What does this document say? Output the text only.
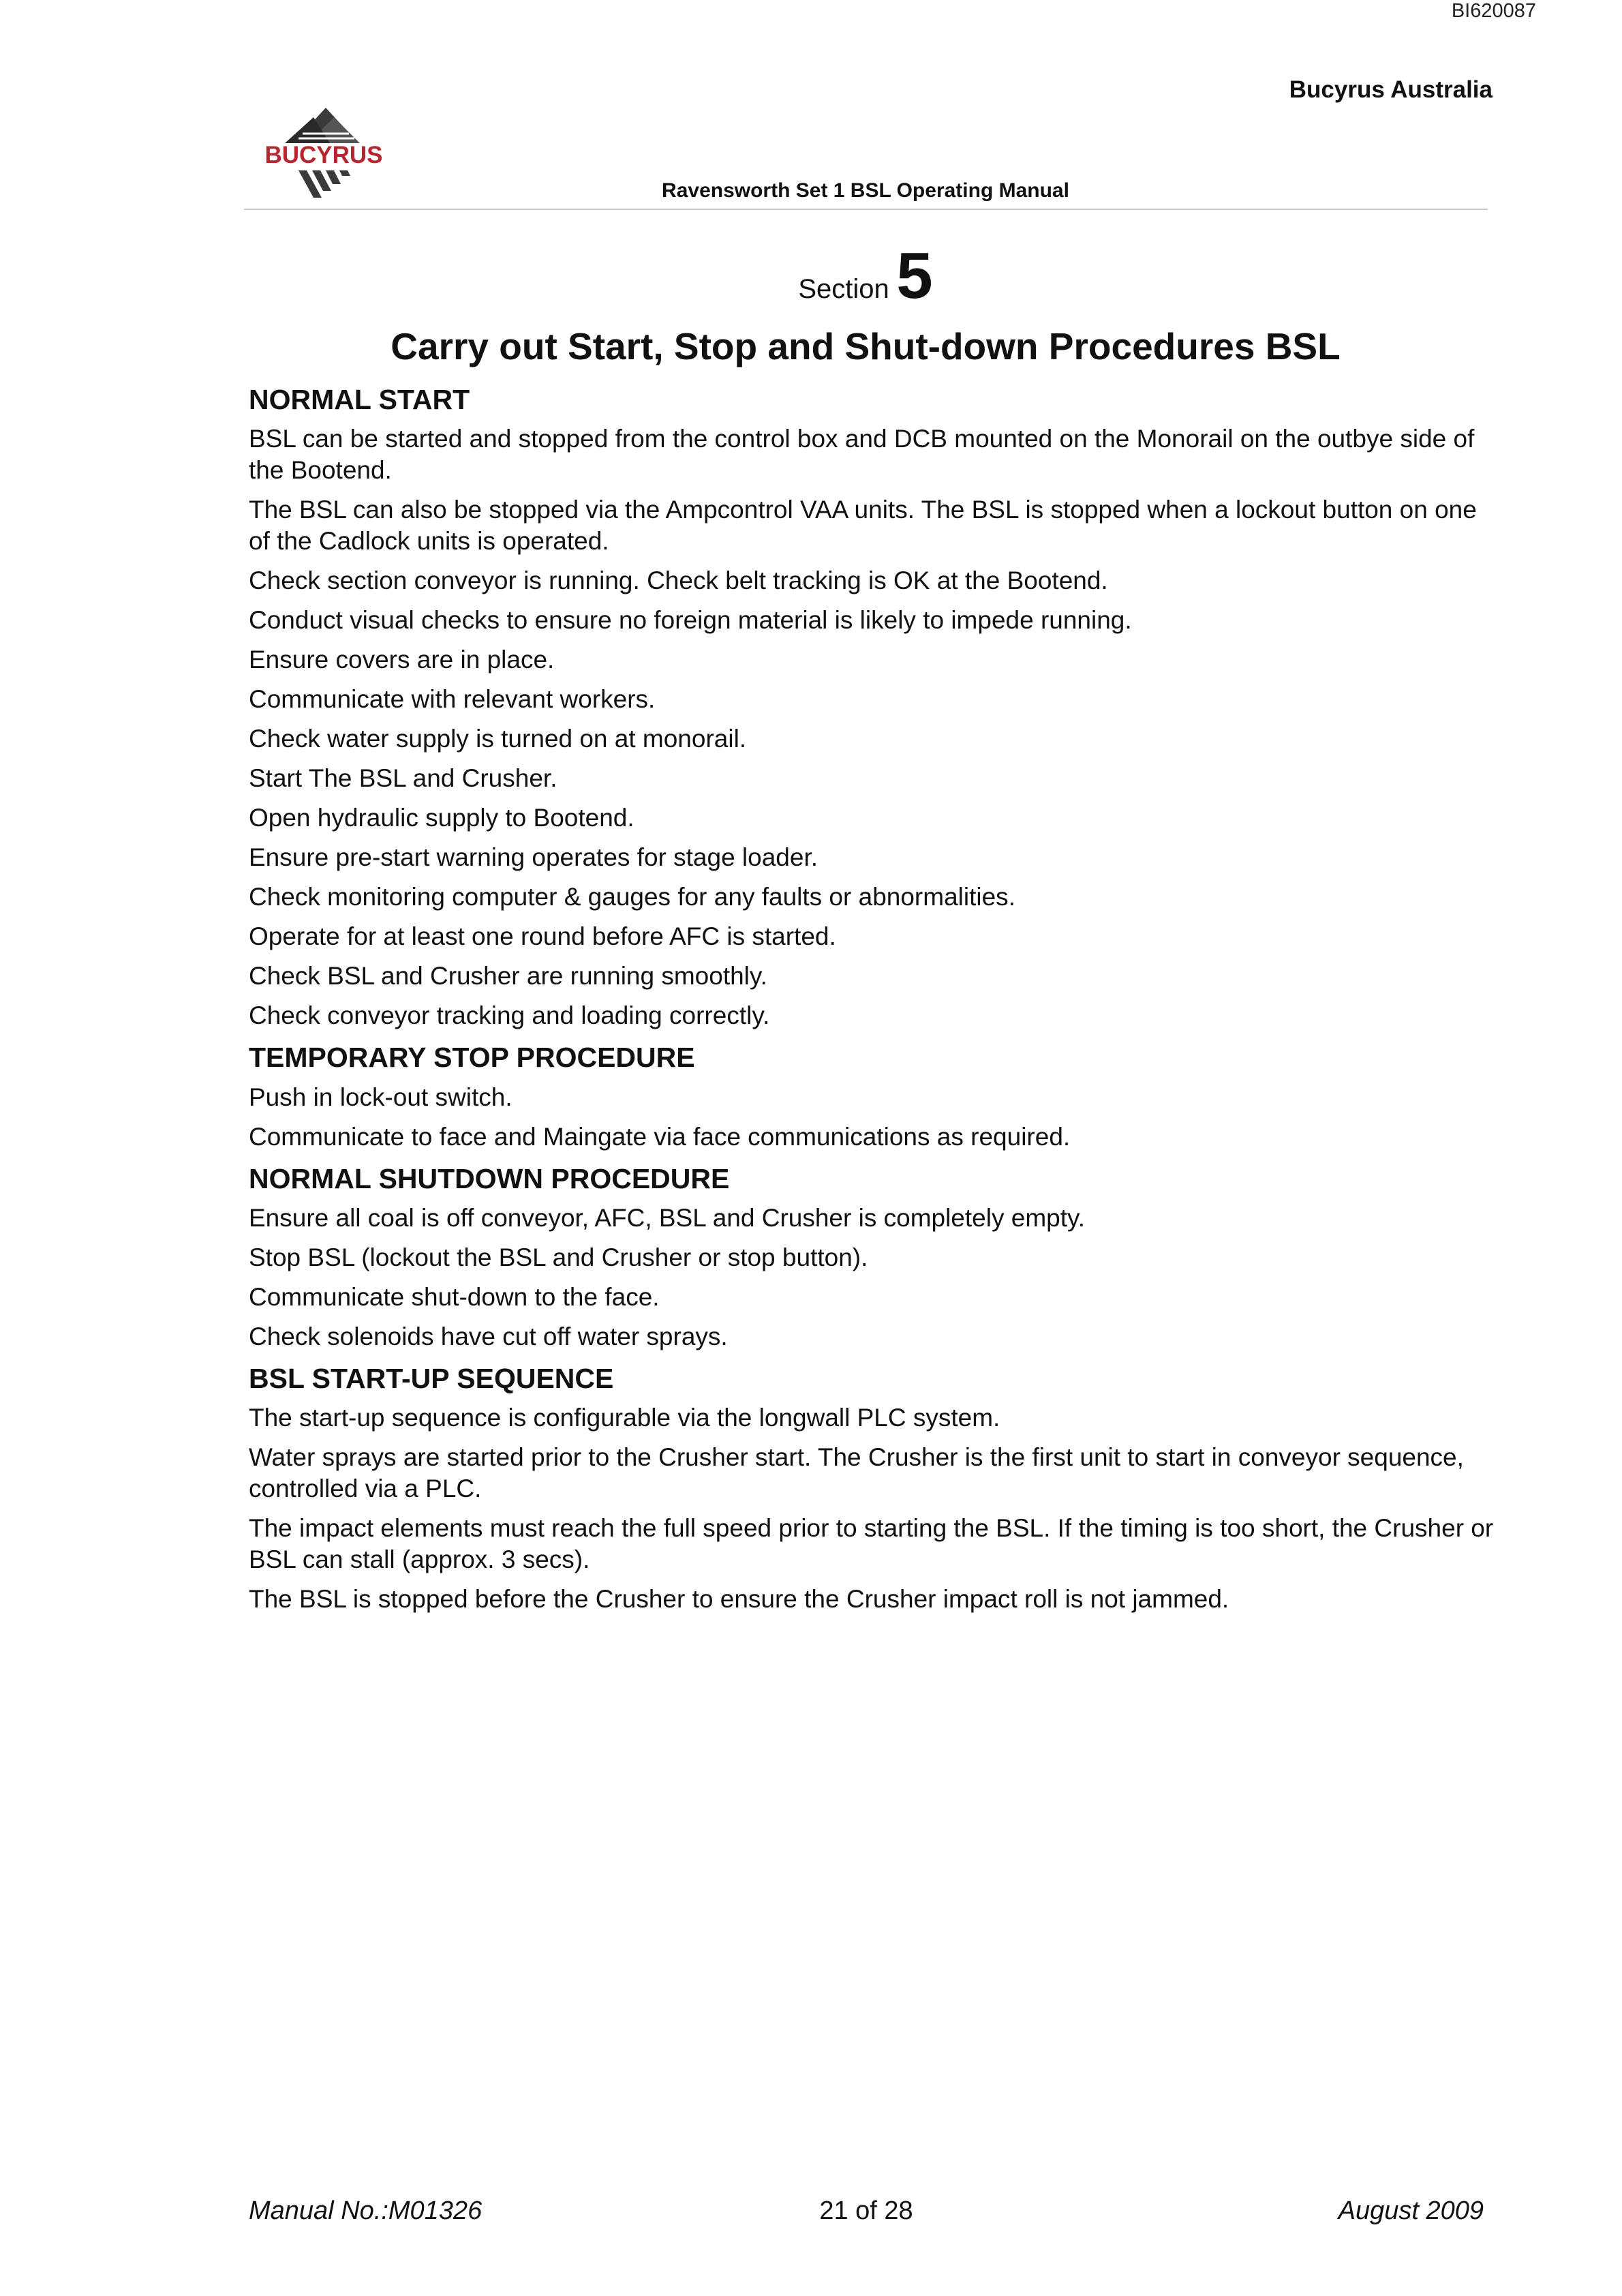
BI620087
Bucyrus Australia
BUCYRUS
Ravensworth Set 1 BSL Operating Manual
Section 5
Carry out Start, Stop and Shut-down Procedures BSL
NORMAL START
BSL can be started and stopped from the control box and DCB mounted on the Monorail on the outbye side of the Bootend.
The BSL can also be stopped via the Ampcontrol VAA units. The BSL is stopped when a lockout button on one of the Cadlock units is operated.
Check section conveyor is running. Check belt tracking is OK at the Bootend.
Conduct visual checks to ensure no foreign material is likely to impede running.
Ensure covers are in place.
Communicate with relevant workers.
Check water supply is turned on at monorail.
Start The BSL and Crusher.
Open hydraulic supply to Bootend.
Ensure pre-start warning operates for stage loader.
Check monitoring computer & gauges for any faults or abnormalities.
Operate for at least one round before AFC is started.
Check BSL and Crusher are running smoothly.
Check conveyor tracking and loading correctly.
TEMPORARY STOP PROCEDURE
Push in lock-out switch.
Communicate to face and Maingate via face communications as required.
NORMAL SHUTDOWN PROCEDURE
Ensure all coal is off conveyor, AFC, BSL and Crusher is completely empty.
Stop BSL (lockout the BSL and Crusher or stop button).
Communicate shut-down to the face.
Check solenoids have cut off water sprays.
BSL START-UP SEQUENCE
The start-up sequence is configurable via the longwall PLC system.
Water sprays are started prior to the Crusher start. The Crusher is the first unit to start in conveyor sequence, controlled via a PLC.
The impact elements must reach the full speed prior to starting the BSL. If the timing is too short, the Crusher or BSL can stall (approx. 3 secs).
The BSL is stopped before the Crusher to ensure the Crusher impact roll is not jammed.
Manual No.:M01326	21 of 28	August 2009
